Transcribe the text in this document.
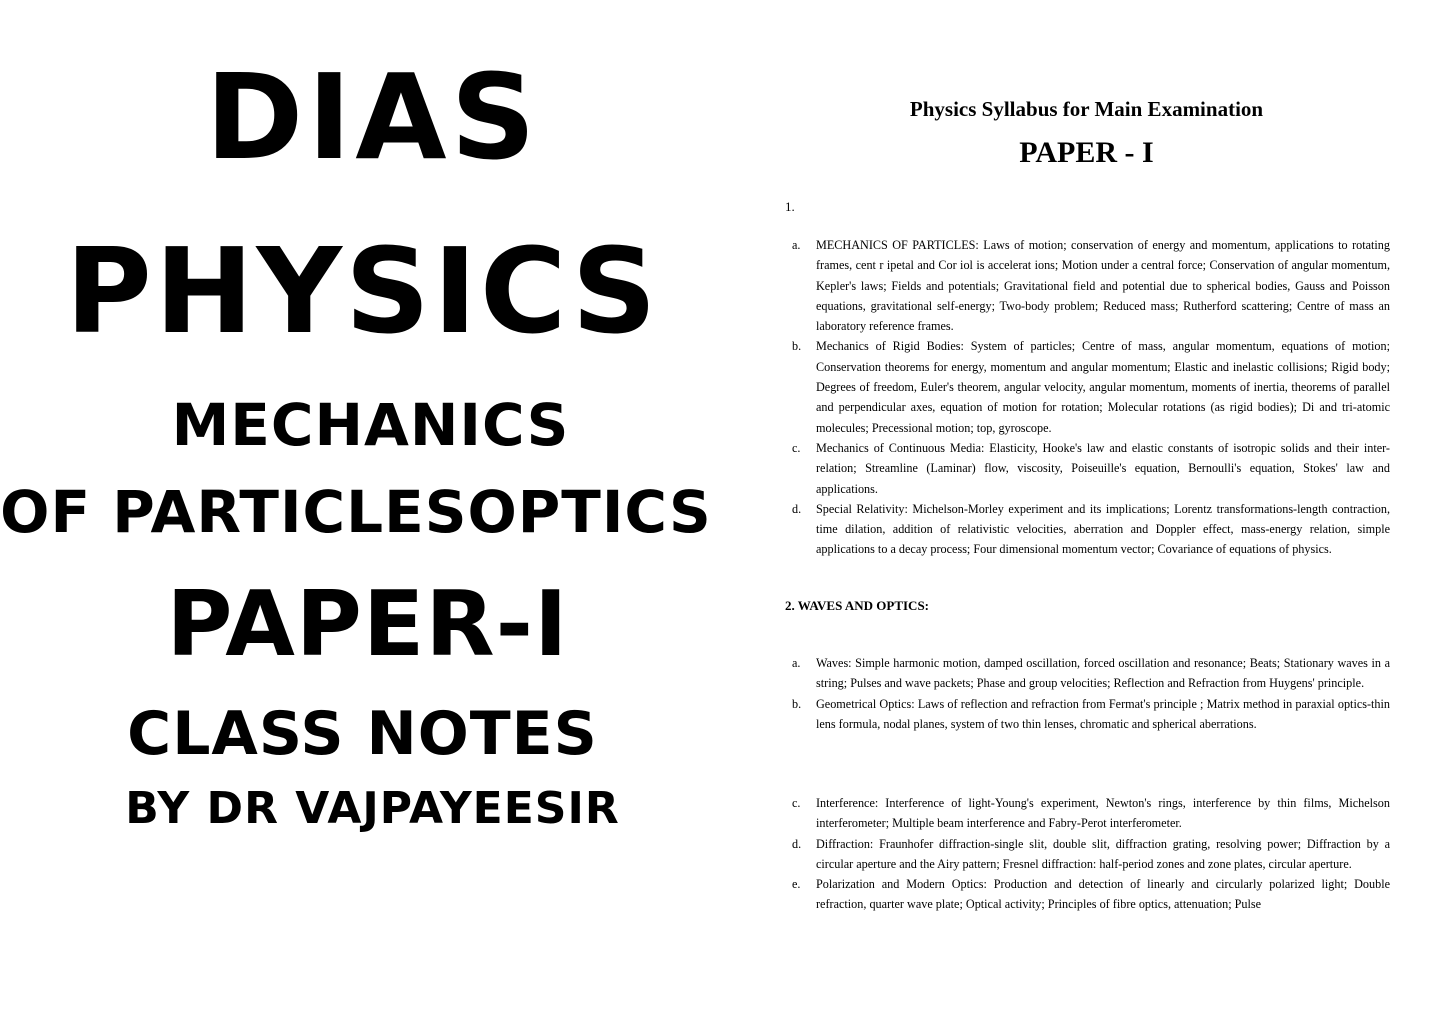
DIAS
PHYSICS
MECHANICS
OF PARTICLESOPTICS
PAPER-I
CLASS NOTES
BY DR VAJPAYEESIR
Physics Syllabus for Main Examination
PAPER - I
1.
a. MECHANICS OF PARTICLES: Laws of motion; conservation of energy and momentum, applications to rotating frames, cent r ipetal and Cor iol is accelerat ions; Motion under a central force; Conservation of angular momentum, Kepler's laws; Fields and potentials; Gravitational field and potential due to spherical bodies, Gauss and Poisson equations, gravitational self-energy; Two-body problem; Reduced mass; Rutherford scattering; Centre of mass an laboratory reference frames.
b. Mechanics of Rigid Bodies: System of particles; Centre of mass, angular momentum, equations of motion; Conservation theorems for energy, momentum and angular momentum; Elastic and inelastic collisions; Rigid body; Degrees of freedom, Euler's theorem, angular velocity, angular momentum, moments of inertia, theorems of parallel and perpendicular axes, equation of motion for rotation; Molecular rotations (as rigid bodies); Di and tri-atomic molecules; Precessional motion; top, gyroscope.
c. Mechanics of Continuous Media: Elasticity, Hooke's law and elastic constants of isotropic solids and their inter-relation; Streamline (Laminar) flow, viscosity, Poiseuille's equation, Bernoulli's equation, Stokes' law and applications.
d. Special Relativity: Michelson-Morley experiment and its implications; Lorentz transformations-length contraction, time dilation, addition of relativistic velocities, aberration and Doppler effect, mass-energy relation, simple applications to a decay process; Four dimensional momentum vector; Covariance of equations of physics.
2. WAVES AND OPTICS:
a. Waves: Simple harmonic motion, damped oscillation, forced oscillation and resonance; Beats; Stationary waves in a string; Pulses and wave packets; Phase and group velocities; Reflection and Refraction from Huygens' principle.
b. Geometrical Optics: Laws of reflection and refraction from Fermat's principle ; Matrix method in paraxial optics-thin lens formula, nodal planes, system of two thin lenses, chromatic and spherical aberrations.
c. Interference: Interference of light-Young's experiment, Newton's rings, interference by thin films, Michelson interferometer; Multiple beam interference and Fabry-Perot interferometer.
d. Diffraction: Fraunhofer diffraction-single slit, double slit, diffraction grating, resolving power; Diffraction by a circular aperture and the Airy pattern; Fresnel diffraction: half-period zones and zone plates, circular aperture.
e. Polarization and Modern Optics: Production and detection of linearly and circularly polarized light; Double refraction, quarter wave plate; Optical activity; Principles of fibre optics, attenuation; Pulse
